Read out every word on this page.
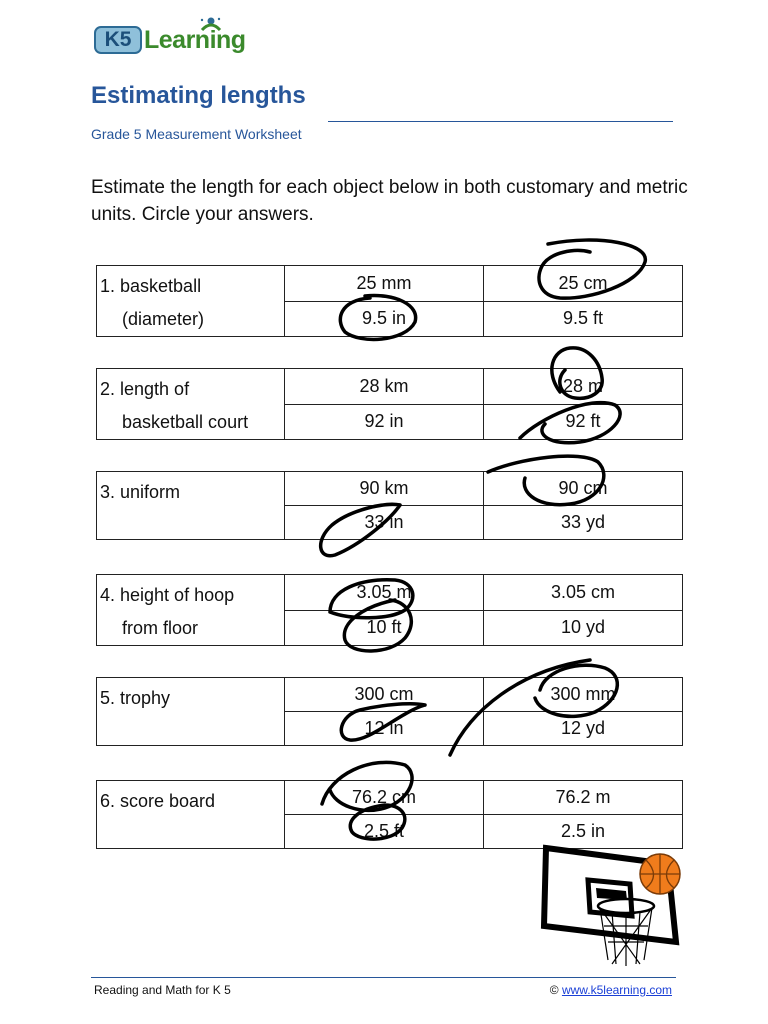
K5 Learning
Estimating lengths
Grade 5 Measurement Worksheet
Estimate the length for each object below in both customary and metric units. Circle your answers.
1. basketball
(diameter)	25 mm	25 cm
	9.5 in	9.5 ft
2. length of
basketball court	28 km	28 m
	92 in	92 ft
3. uniform	90 km	90 cm
	33 in	33 yd
4. height of hoop
from floor	3.05 m	3.05 cm
	10 ft	10 yd
5. trophy	300 cm	300 mm
	12 in	12 yd
6. score board	76.2 cm	76.2 m
	2.5 ft	2.5 in
Reading and Math for K 5	© www.k5learning.com
